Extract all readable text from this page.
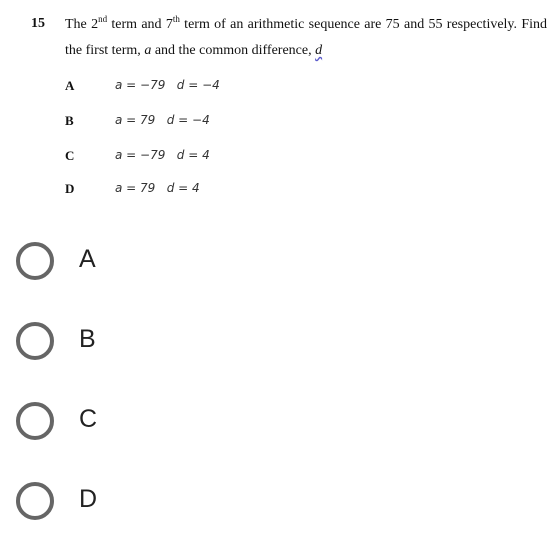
15 The 2nd term and 7th term of an arithmetic sequence are 75 and 55 respectively. Find
the first term, a and the common difference, d
A	a = −79   d = −4
B	a = 79   d = −4
C	a = −79   d = 4
D	a = 79   d = 4
A
B
C
D
